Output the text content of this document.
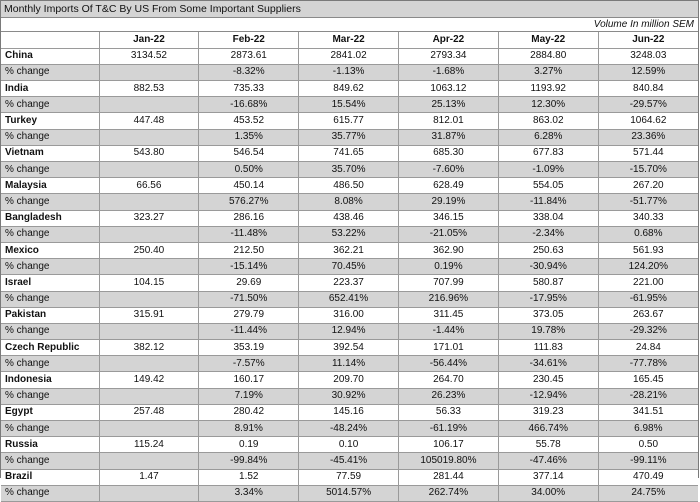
Monthly Imports Of T&C By US From Some Important Suppliers
Volume In million SEM
	Jan-22	Feb-22	Mar-22	Apr-22	May-22	Jun-22
China	3134.52	2873.61	2841.02	2793.34	2884.80	3248.03
% change		-8.32%	-1.13%	-1.68%	3.27%	12.59%
India	882.53	735.33	849.62	1063.12	1193.92	840.84
% change		-16.68%	15.54%	25.13%	12.30%	-29.57%
Turkey	447.48	453.52	615.77	812.01	863.02	1064.62
% change		1.35%	35.77%	31.87%	6.28%	23.36%
Vietnam	543.80	546.54	741.65	685.30	677.83	571.44
% change		0.50%	35.70%	-7.60%	-1.09%	-15.70%
Malaysia	66.56	450.14	486.50	628.49	554.05	267.20
% change		576.27%	8.08%	29.19%	-11.84%	-51.77%
Bangladesh	323.27	286.16	438.46	346.15	338.04	340.33
% change		-11.48%	53.22%	-21.05%	-2.34%	0.68%
Mexico	250.40	212.50	362.21	362.90	250.63	561.93
% change		-15.14%	70.45%	0.19%	-30.94%	124.20%
Israel	104.15	29.69	223.37	707.99	580.87	221.00
% change		-71.50%	652.41%	216.96%	-17.95%	-61.95%
Pakistan	315.91	279.79	316.00	311.45	373.05	263.67
% change		-11.44%	12.94%	-1.44%	19.78%	-29.32%
Czech Republic	382.12	353.19	392.54	171.01	111.83	24.84
% change		-7.57%	11.14%	-56.44%	-34.61%	-77.78%
Indonesia	149.42	160.17	209.70	264.70	230.45	165.45
% change		7.19%	30.92%	26.23%	-12.94%	-28.21%
Egypt	257.48	280.42	145.16	56.33	319.23	341.51
% change		8.91%	-48.24%	-61.19%	466.74%	6.98%
Russia	115.24	0.19	0.10	106.17	55.78	0.50
% change		-99.84%	-45.41%	105019.80%	-47.46%	-99.11%
Brazil	1.47	1.52	77.59	281.44	377.14	470.49
% change		3.34%	5014.57%	262.74%	34.00%	24.75%
